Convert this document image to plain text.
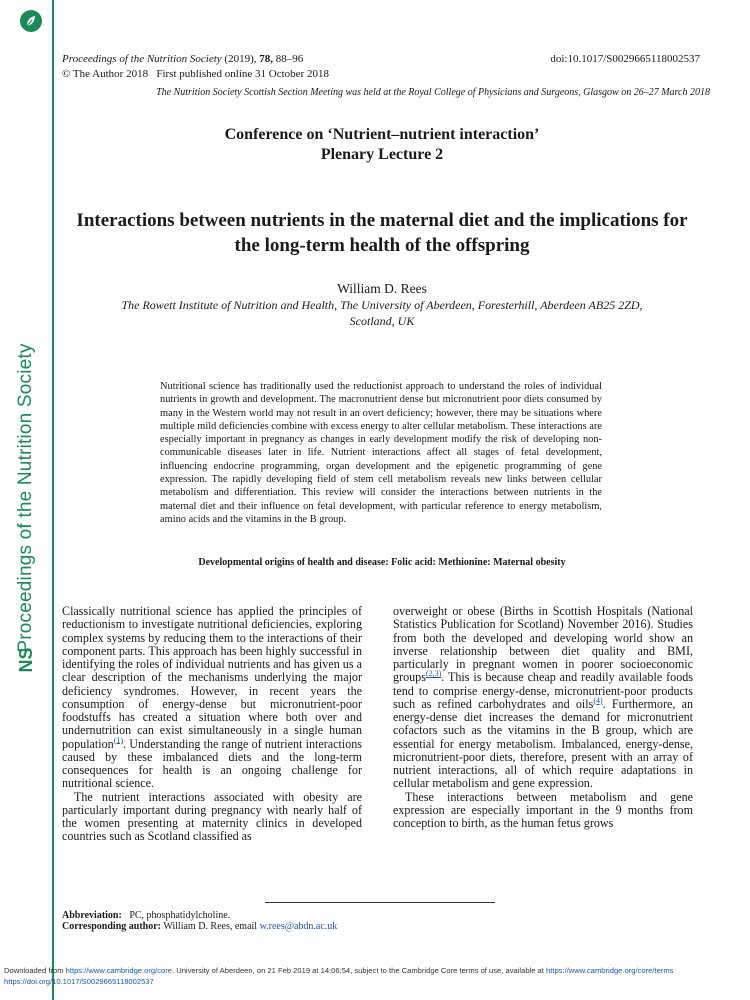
Proceedings of the Nutrition Society
NS
Proceedings of the Nutrition Society (2019), 78, 88–96
© The Author 2018 First published online 31 October 2018
doi:10.1017/S0029665118002537
The Nutrition Society Scottish Section Meeting was held at the Royal College of Physicians and Surgeons, Glasgow on 26–27 March 2018
Conference on ‘Nutrient–nutrient interaction’
Plenary Lecture 2
Interactions between nutrients in the maternal diet and the implications for the long-term health of the offspring
William D. Rees
The Rowett Institute of Nutrition and Health, The University of Aberdeen, Foresterhill, Aberdeen AB25 2ZD,
Scotland, UK
Nutritional science has traditionally used the reductionist approach to understand the roles of individual nutrients in growth and development. The macronutrient dense but micronutrient poor diets consumed by many in the Western world may not result in an overt deficiency; however, there may be situations where multiple mild deficiencies combine with excess energy to alter cellular metabolism. These interactions are especially important in pregnancy as changes in early development modify the risk of developing non-communicable diseases later in life. Nutrient interactions affect all stages of fetal development, influencing endocrine programming, organ development and the epigenetic programming of gene expression. The rapidly developing field of stem cell metabolism reveals new links between cellular metabolism and differentiation. This review will consider the interactions between nutrients in the maternal diet and their influence on fetal development, with particular reference to energy metabolism, amino acids and the vitamins in the B group.
Developmental origins of health and disease: Folic acid: Methionine: Maternal obesity

Classically nutritional science has applied the principles of reductionism to investigate nutritional deficiencies, exploring complex systems by reducing them to the interactions of their component parts. This approach has been highly successful in identifying the roles of individual nutrients and has given us a clear description of the mechanisms underlying the major deficiency syndromes. However, in recent years the consumption of energy-dense but micronutrient-poor foodstuffs has created a situation where both over and undernutrition can exist simultaneously in a single human population$^{(1)}$. Understanding the range of nutrient interactions caused by these imbalanced diets and the long-term consequences for health is an ongoing challenge for nutritional science.

The nutrient interactions associated with obesity are particularly important during pregnancy with nearly half of the women presenting at maternity clinics in developed countries such as Scotland classified as

overweight or obese (Births in Scottish Hospitals (National Statistics Publication for Scotland) November 2016). Studies from both the developed and developing world show an inverse relationship between diet quality and BMI, particularly in pregnant women in poorer socioeconomic groups$^{(2,3)}$. This is because cheap and readily available foods tend to comprise energy-dense, micronutrient-poor products such as refined carbohydrates and oils$^{(4)}$. Furthermore, an energy-dense diet increases the demand for micronutrient cofactors such as the vitamins in the B group, which are essential for energy metabolism. Imbalanced, energy-dense, micronutrient-poor diets, therefore, present with an array of nutrient interactions, all of which require adaptations in cellular metabolism and gene expression.

These interactions between metabolism and gene expression are especially important in the 9 months from conception to birth, as the human fetus grows

Abbreviation: PC, phosphatidylcholine.
Corresponding author: William D. Rees, email w.rees@abdn.ac.uk
Downloaded from https://www.cambridge.org/core. University of Aberdeen, on 21 Feb 2019 at 14:06:54, subject to the Cambridge Core terms of use, available at https://www.cambridge.org/core/terms
https://doi.org/10.1017/S0029665118002537
